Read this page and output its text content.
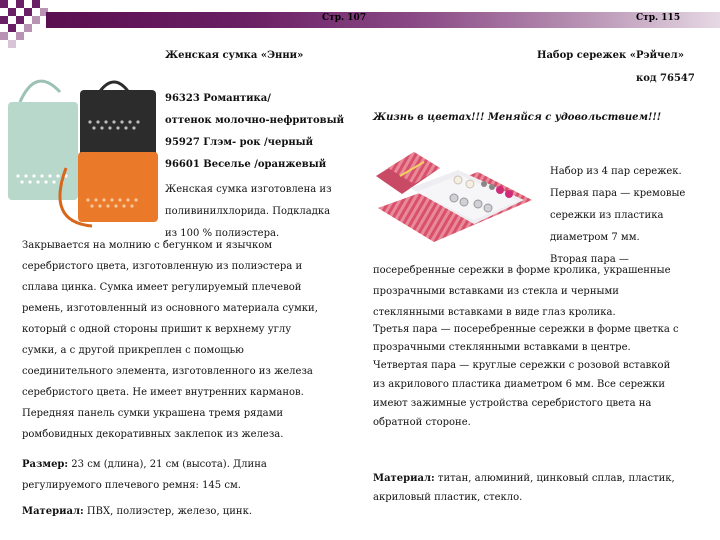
Стр. 107	Стр. 115
Женская сумка «Энни»
96323 Романтика/
оттенок молочно-нефритовый
95927 Глэм- рок /черный
96601 Веселье /оранжевый
Женская сумка изготовлена из
поливинилхлорида. Подкладка
из 100 % полиэстера.
Закрывается на молнию с бегунком и язычком
серебристого цвета, изготовленную из полиэстера и
сплава цинка. Сумка имеет регулируемый плечевой
ремень, изготовленный из основного материала сумки,
который с одной стороны пришит к верхнему углу
сумки, а с другой прикреплен с помощью
соединительного элемента, изготовленного из железа
серебристого цвета. Не имеет внутренних карманов.
Передняя панель сумки украшена тремя рядами
ромбовидных декоративных заклепок из железа.
Размер: 23 см (длина), 21 см (высота). Длина
регулируемого плечевого ремня: 145 см.
Материал: ПВХ, полиэстер, железо, цинк.
Набор сережек «Рэйчел»
код 76547
Жизнь в цветах!!! Меняйся с удовольствием!!!
Набор из 4 пар сережек.
Первая пара — кремовые
сережки из пластика
диаметром 7 мм.
Вторая пара —
посеребренные сережки в форме кролика, украшенные
прозрачными вставками из стекла и черными
стеклянными вставками в виде глаз кролика.
Третья пара — посеребренные сережки в форме цветка с
прозрачными стеклянными вставками в центре.
Четвертая пара — круглые сережки с розовой вставкой
из акрилового пластика диаметром 6 мм. Все сережки
имеют зажимные устройства серебристого цвета на
обратной стороне.
Материал: титан, алюминий, цинковый сплав, пластик,
акриловый пластик, стекло.
